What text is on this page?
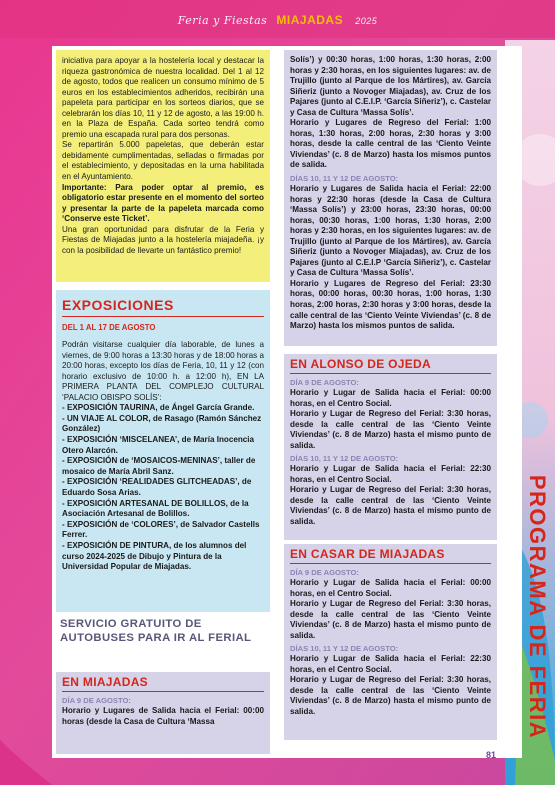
Feria y Fiestas MIAJADAS 2025

iniciativa para apoyar a la hostelería local y destacar la riqueza gastronómica de nuestra localidad. Del 1 al 12 de agosto, todos que realicen un consumo mínimo de 5 euros en los establecimientos adheridos, recibirán una papeleta para participar en los sorteos diarios, que se celebrarán los días 10, 11 y 12 de agosto, a las 19:00 h. en la Plaza de España. Cada sorteo tendrá como premio una escapada rural para dos personas.

Se repartirán 5.000 papeletas, que deberán estar debidamente cumplimentadas, selladas o firmadas por el establecimiento, y depositadas en la urna habilitada en el Ayuntamiento.

Importante: Para poder optar al premio, es obligatorio estar presente en el momento del sorteo y presentar la parte de la papeleta marcada como ‘Conserve este Ticket’.

Una gran oportunidad para disfrutar de la Feria y Fiestas de Miajadas junto a la hostelería miajadeña. ¡y con la posibilidad de llevarte un fantástico premio!

EXPOSICIONES
DEL 1 AL 17 DE AGOSTO

Podrán visitarse cualquier día laborable, de lunes a viernes, de 9:00 horas a 13:30 horas y de 18:00 horas a 20:00 horas, excepto los días de Feria, 10, 11 y 12 (con horario exclusivo de 10:00 h. a 12:00 h), EN LA PRIMERA PLANTA DEL COMPLEJO CULTURAL ‘PALACIO OBISPO SOLÍS’:

- EXPOSICIÓN TAURINA, de Ángel García Grande.
- UN VIAJE AL COLOR, de Rasago (Ramón Sánchez González)
- EXPOSICIÓN ‘MISCELANEA’, de María Inocencia Otero Alarcón.
- EXPOSICIÓN de ‘MOSAICOS-MENINAS’, taller de mosaico de María Abril Sanz.
- EXPOSICIÓN ‘REALIDADES GLITCHEADAS’, de Eduardo Sosa Arias.
- EXPOSICIÓN ARTESANAL DE BOLILLOS, de la Asociación Artesanal de Bolillos.
- EXPOSICIÓN de ‘COLORES’, de Salvador Castells Ferrer.
- EXPOSICIÓN DE PINTURA, de los alumnos del curso 2024-2025 de Dibujo y Pintura de la Universidad Popular de Miajadas.
SERVICIO GRATUITO DE AUTOBUSES PARA IR AL FERIAL
EN MIAJADAS
DÍA 9 DE AGOSTO:

Horario y Lugares de Salida hacia el Ferial: 00:00 horas (desde la Casa de Cultura ‘Massa

Solís’) y 00:30 horas, 1:00 horas, 1:30 horas, 2:00 horas y 2:30 horas, en los siguientes lugares: av. de Trujillo (junto al Parque de los Mártires), av. García Siñeriz (junto a Novoger Miajadas), av. Cruz de los Pajares (junto al C.E.I.P. ‘García Siñeriz’), c. Castelar y Casa de Cultura ‘Massa Solís’.

Horario y Lugares de Regreso del Ferial: 1:00 horas, 1:30 horas, 2:00 horas, 2:30 horas y 3:00 horas, desde la calle central de las ‘Ciento Veinte Viviendas’ (c. 8 de Marzo) hasta los mismos puntos de salida.

DÍAS 10, 11 Y 12 DE AGOSTO:

Horario y Lugares de Salida hacia el Ferial: 22:00 horas y 22:30 horas (desde la Casa de Cultura ‘Massa Solís’) y 23:00 horas, 23:30 horas, 00:00 horas, 00:30 horas, 1:00 horas, 1:30 horas, 2:00 horas y 2:30 horas, en los siguientes lugares: av. de Trujillo (junto al Parque de los Mártires), av. García Siñeriz (junto a Novoger Miajadas), av. Cruz de los Pajares (junto al C.E.I.P ‘García Siñeriz’), c. Castelar y Casa de Cultura ‘Massa Solís’.

Horario y Lugares de Regreso del Ferial: 23:30 horas, 00:00 horas, 00:30 horas, 1:00 horas, 1:30 horas, 2:00 horas, 2:30 horas y 3:00 horas, desde la calle central de las ‘Ciento Veinte Viviendas’ (c. 8 de Marzo) hasta los mismos puntos de salida.

EN ALONSO DE OJEDA
DÍA 9 DE AGOSTO:

Horario y Lugar de Salida hacia el Ferial: 00:00 horas, en el Centro Social.

Horario y Lugar de Regreso del Ferial: 3:30 horas, desde la calle central de las ‘Ciento Veinte Viviendas’ (c. 8 de Marzo) hasta el mismo punto de salida.

DÍAS 10, 11 Y 12 DE AGOSTO:

Horario y Lugar de Salida hacia el Ferial: 22:30 horas, en el Centro Social.

Horario y Lugar de Regreso del Ferial: 3:30 horas, desde la calle central de las ‘Ciento Veinte Viviendas’ (c. 8 de Marzo) hasta el mismo punto de salida.

EN CASAR DE MIAJADAS
DÍA 9 DE AGOSTO:

Horario y Lugar de Salida hacia el Ferial: 00:00 horas, en el Centro Social.

Horario y Lugar de Regreso del Ferial: 3:30 horas, desde la calle central de las ‘Ciento Veinte Viviendas’ (c. 8 de Marzo) hasta el mismo punto de salida.

DÍAS 10, 11 Y 12 DE AGOSTO:

Horario y Lugar de Salida hacia el Ferial: 22:30 horas, en el Centro Social.

Horario y Lugar de Regreso del Ferial: 3:30 horas, desde la calle central de las ‘Ciento Veinte Viviendas’ (c. 8 de Marzo) hasta el mismo punto de salida.	PROGRAMA DE FERIA
81
